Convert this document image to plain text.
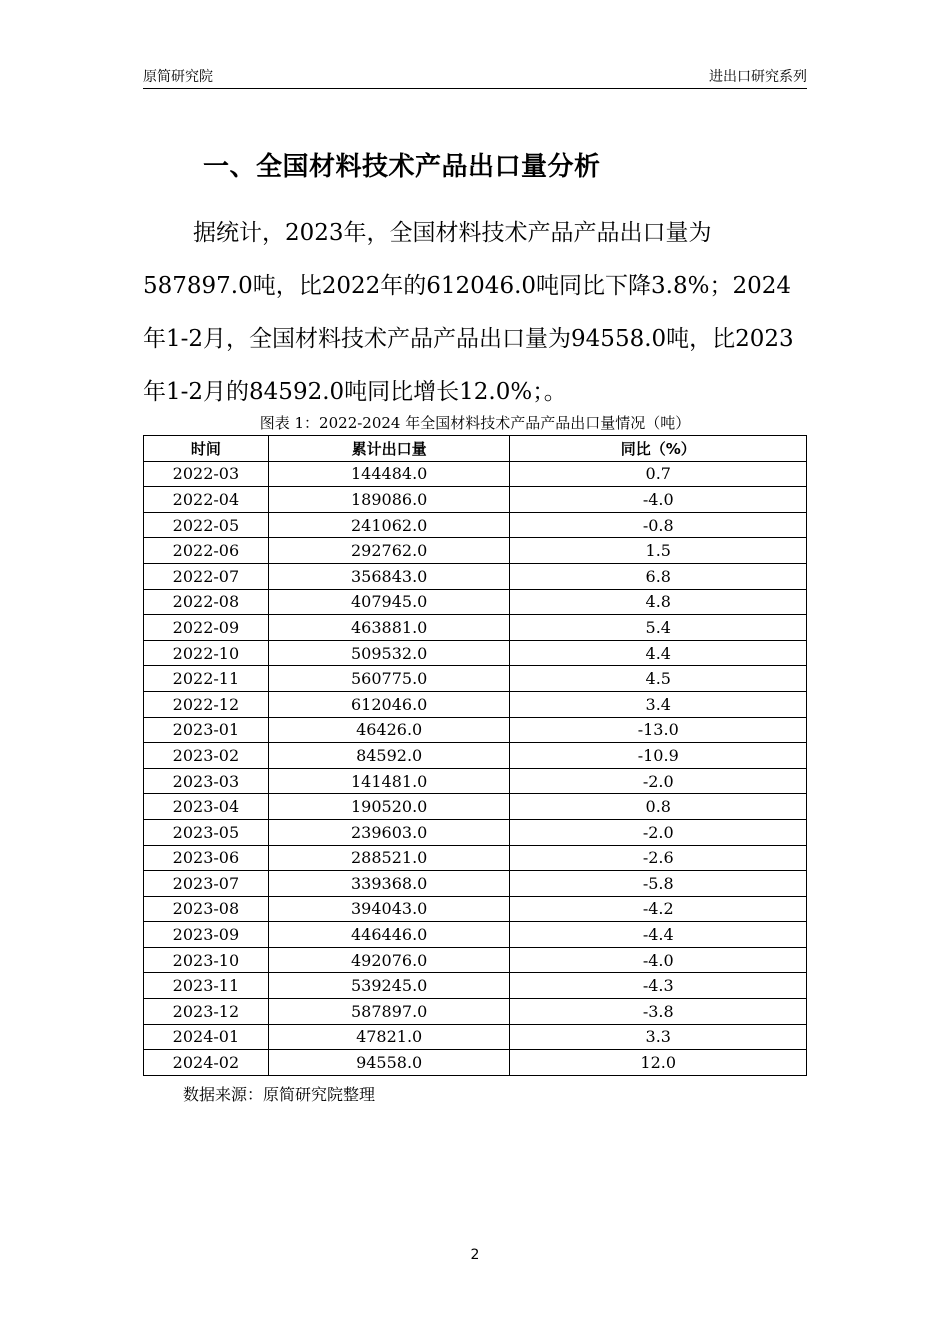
原简研究院	进出口研究系列
一、全国材料技术产品出口量分析

据统计，2023年，全国材料技术产品产品出口量为587897.0吨，比2022年的612046.0吨同比下降3.8%；2024年1-2月，全国材料技术产品产品出口量为94558.0吨，比2023年1-2月的84592.0吨同比增长12.0%；。

图表 1：2022-2024 年全国材料技术产品产品出口量情况（吨）
时间	累计出口量	同比（%）
2022-03	144484.0	0.7
2022-04	189086.0	-4.0
2022-05	241062.0	-0.8
2022-06	292762.0	1.5
2022-07	356843.0	6.8
2022-08	407945.0	4.8
2022-09	463881.0	5.4
2022-10	509532.0	4.4
2022-11	560775.0	4.5
2022-12	612046.0	3.4
2023-01	46426.0	-13.0
2023-02	84592.0	-10.9
2023-03	141481.0	-2.0
2023-04	190520.0	0.8
2023-05	239603.0	-2.0
2023-06	288521.0	-2.6
2023-07	339368.0	-5.8
2023-08	394043.0	-4.2
2023-09	446446.0	-4.4
2023-10	492076.0	-4.0
2023-11	539245.0	-4.3
2023-12	587897.0	-3.8
2024-01	47821.0	3.3
2024-02	94558.0	12.0
数据来源：原简研究院整理
2
